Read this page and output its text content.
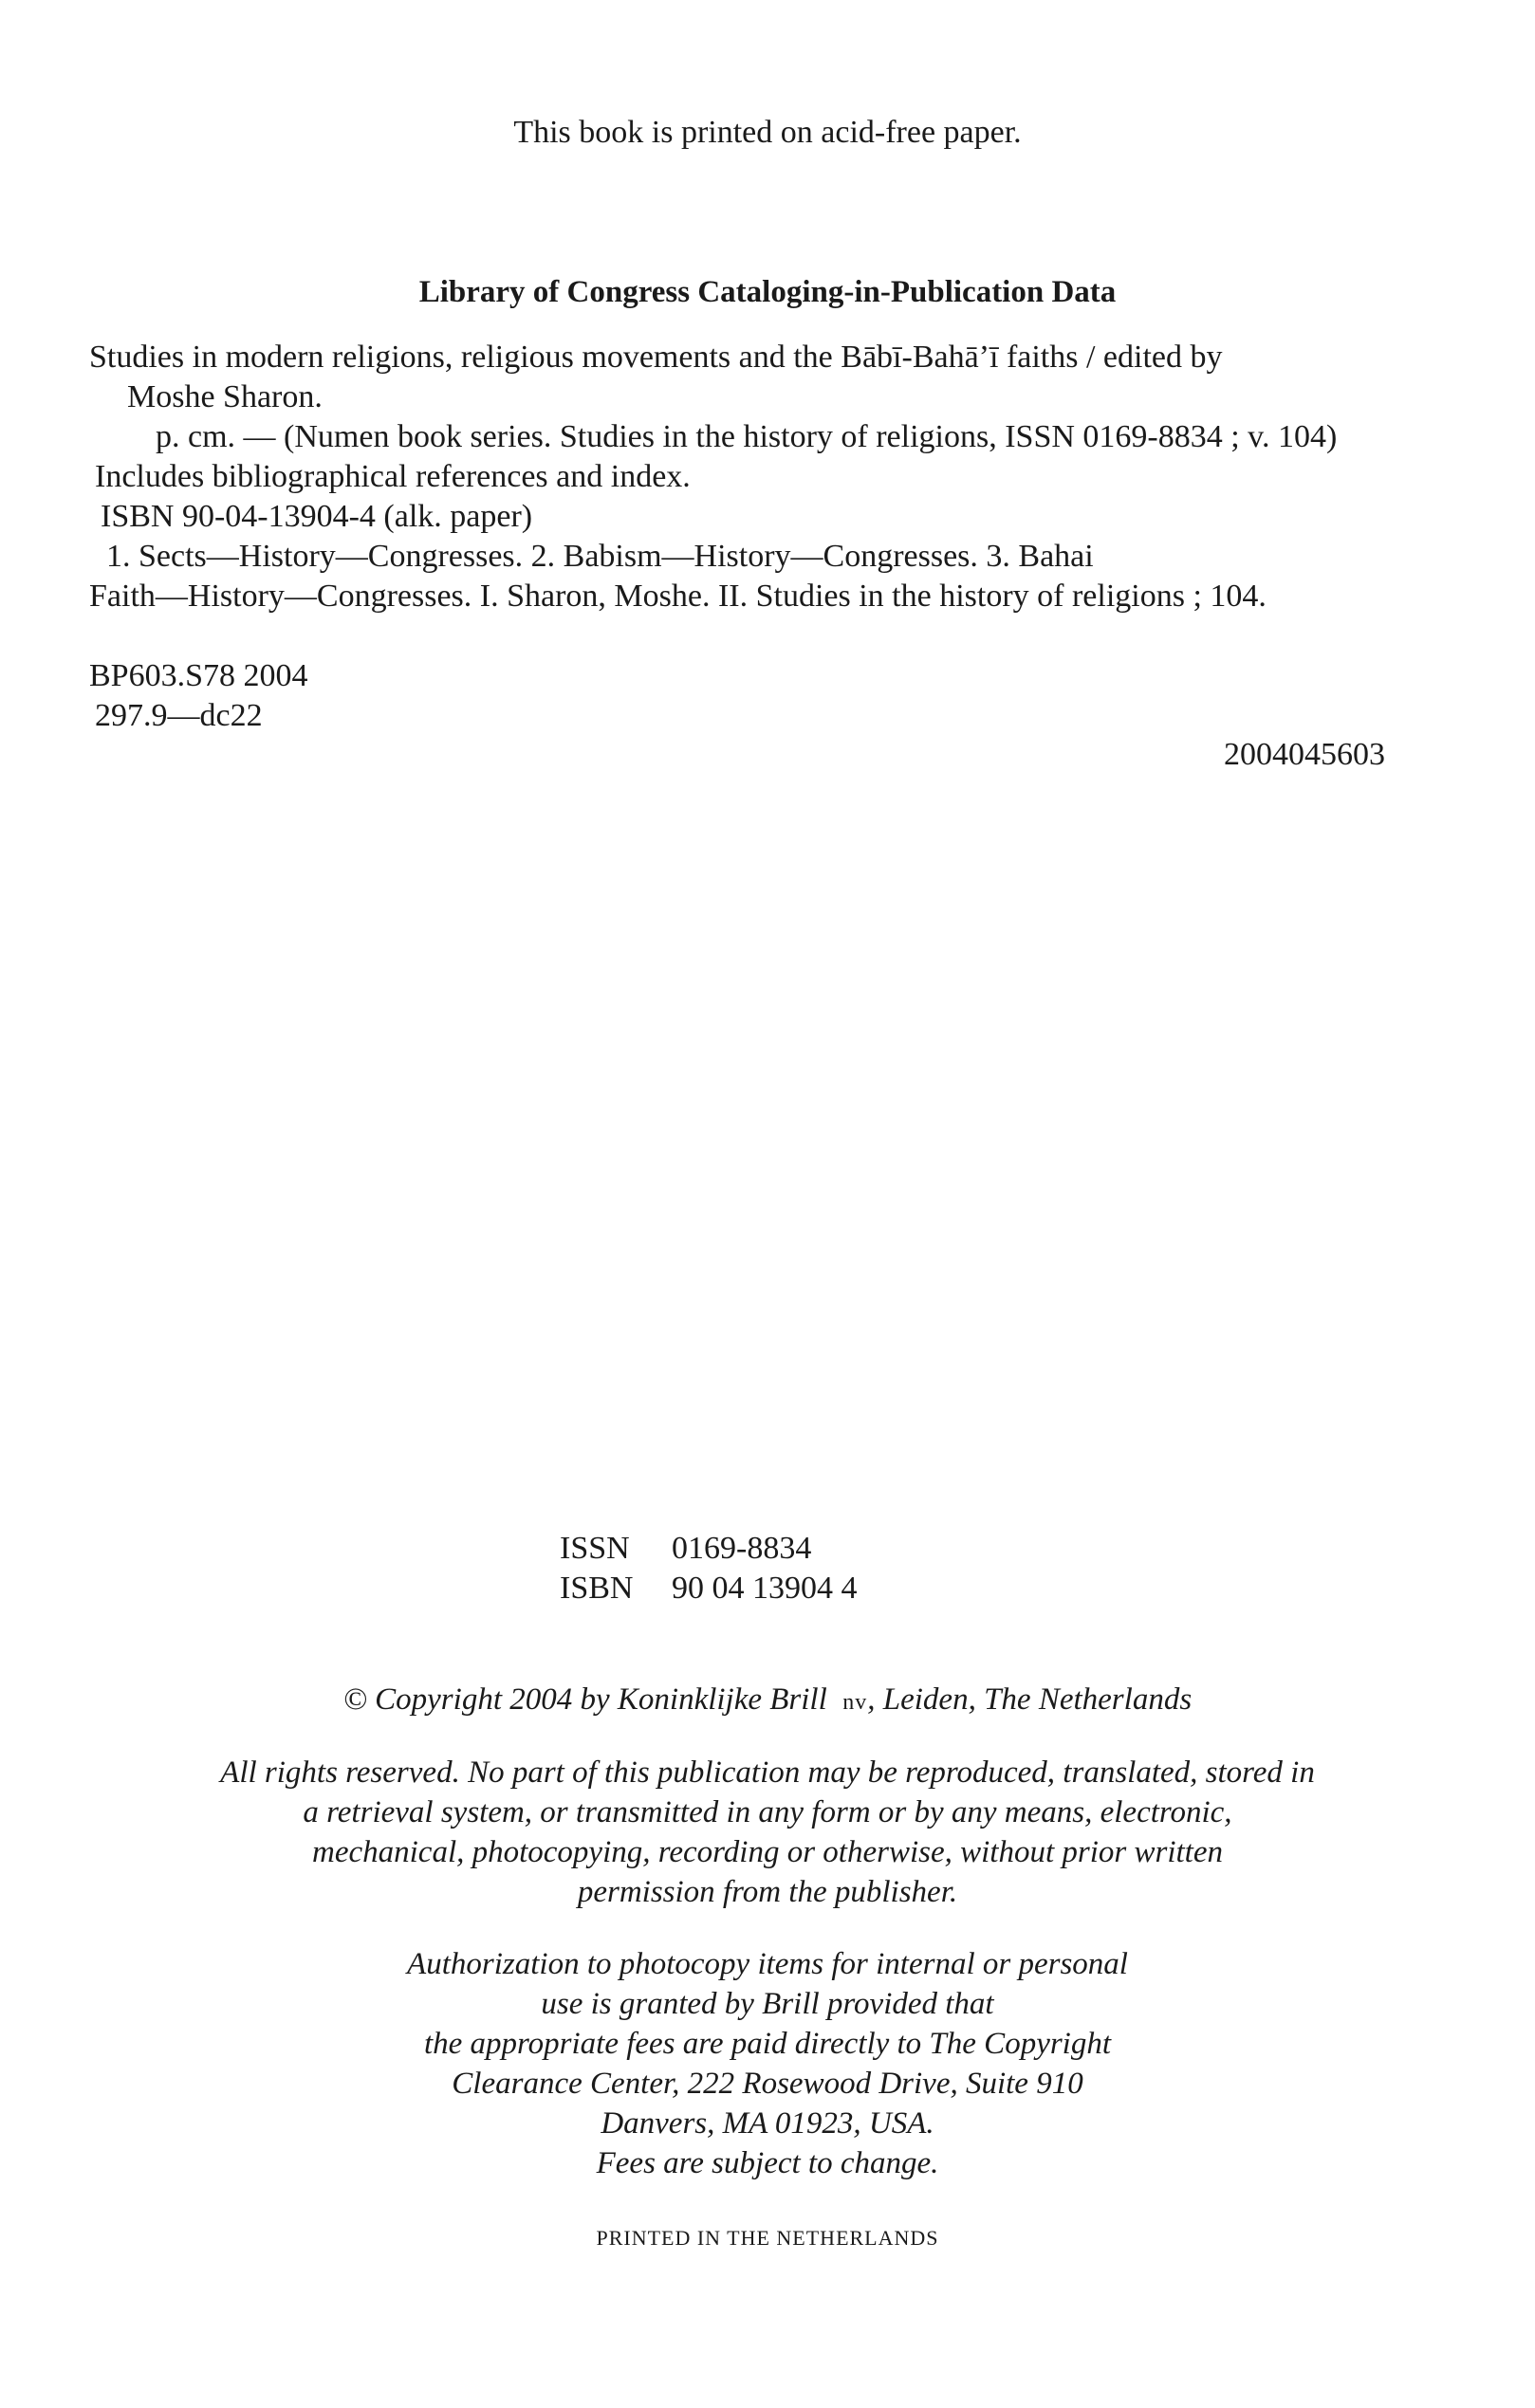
This book is printed on acid-free paper.
Library of Congress Cataloging-in-Publication Data
Studies in modern religions, religious movements and the Bābī-Bahā’ī faiths / edited by
Moshe Sharon.
p. cm. — (Numen book series. Studies in the history of religions, ISSN 0169-8834 ; v. 104)
Includes bibliographical references and index.
ISBN 90-04-13904-4 (alk. paper)
1. Sects—History—Congresses. 2. Babism—History—Congresses. 3. Bahai
Faith—History—Congresses. I. Sharon, Moshe. II. Studies in the history of religions ; 104.
BP603.S78 2004
297.9—dc22
2004045603
ISSN 0169-8834
ISBN 90 04 13904 4
© Copyright 2004 by Koninklijke Brill nv, Leiden, The Netherlands
All rights reserved. No part of this publication may be reproduced, translated, stored in
a retrieval system, or transmitted in any form or by any means, electronic,
mechanical, photocopying, recording or otherwise, without prior written
permission from the publisher.
Authorization to photocopy items for internal or personal
use is granted by Brill provided that
the appropriate fees are paid directly to The Copyright
Clearance Center, 222 Rosewood Drive, Suite 910
Danvers, MA 01923, USA.
Fees are subject to change.
PRINTED IN THE NETHERLANDS
